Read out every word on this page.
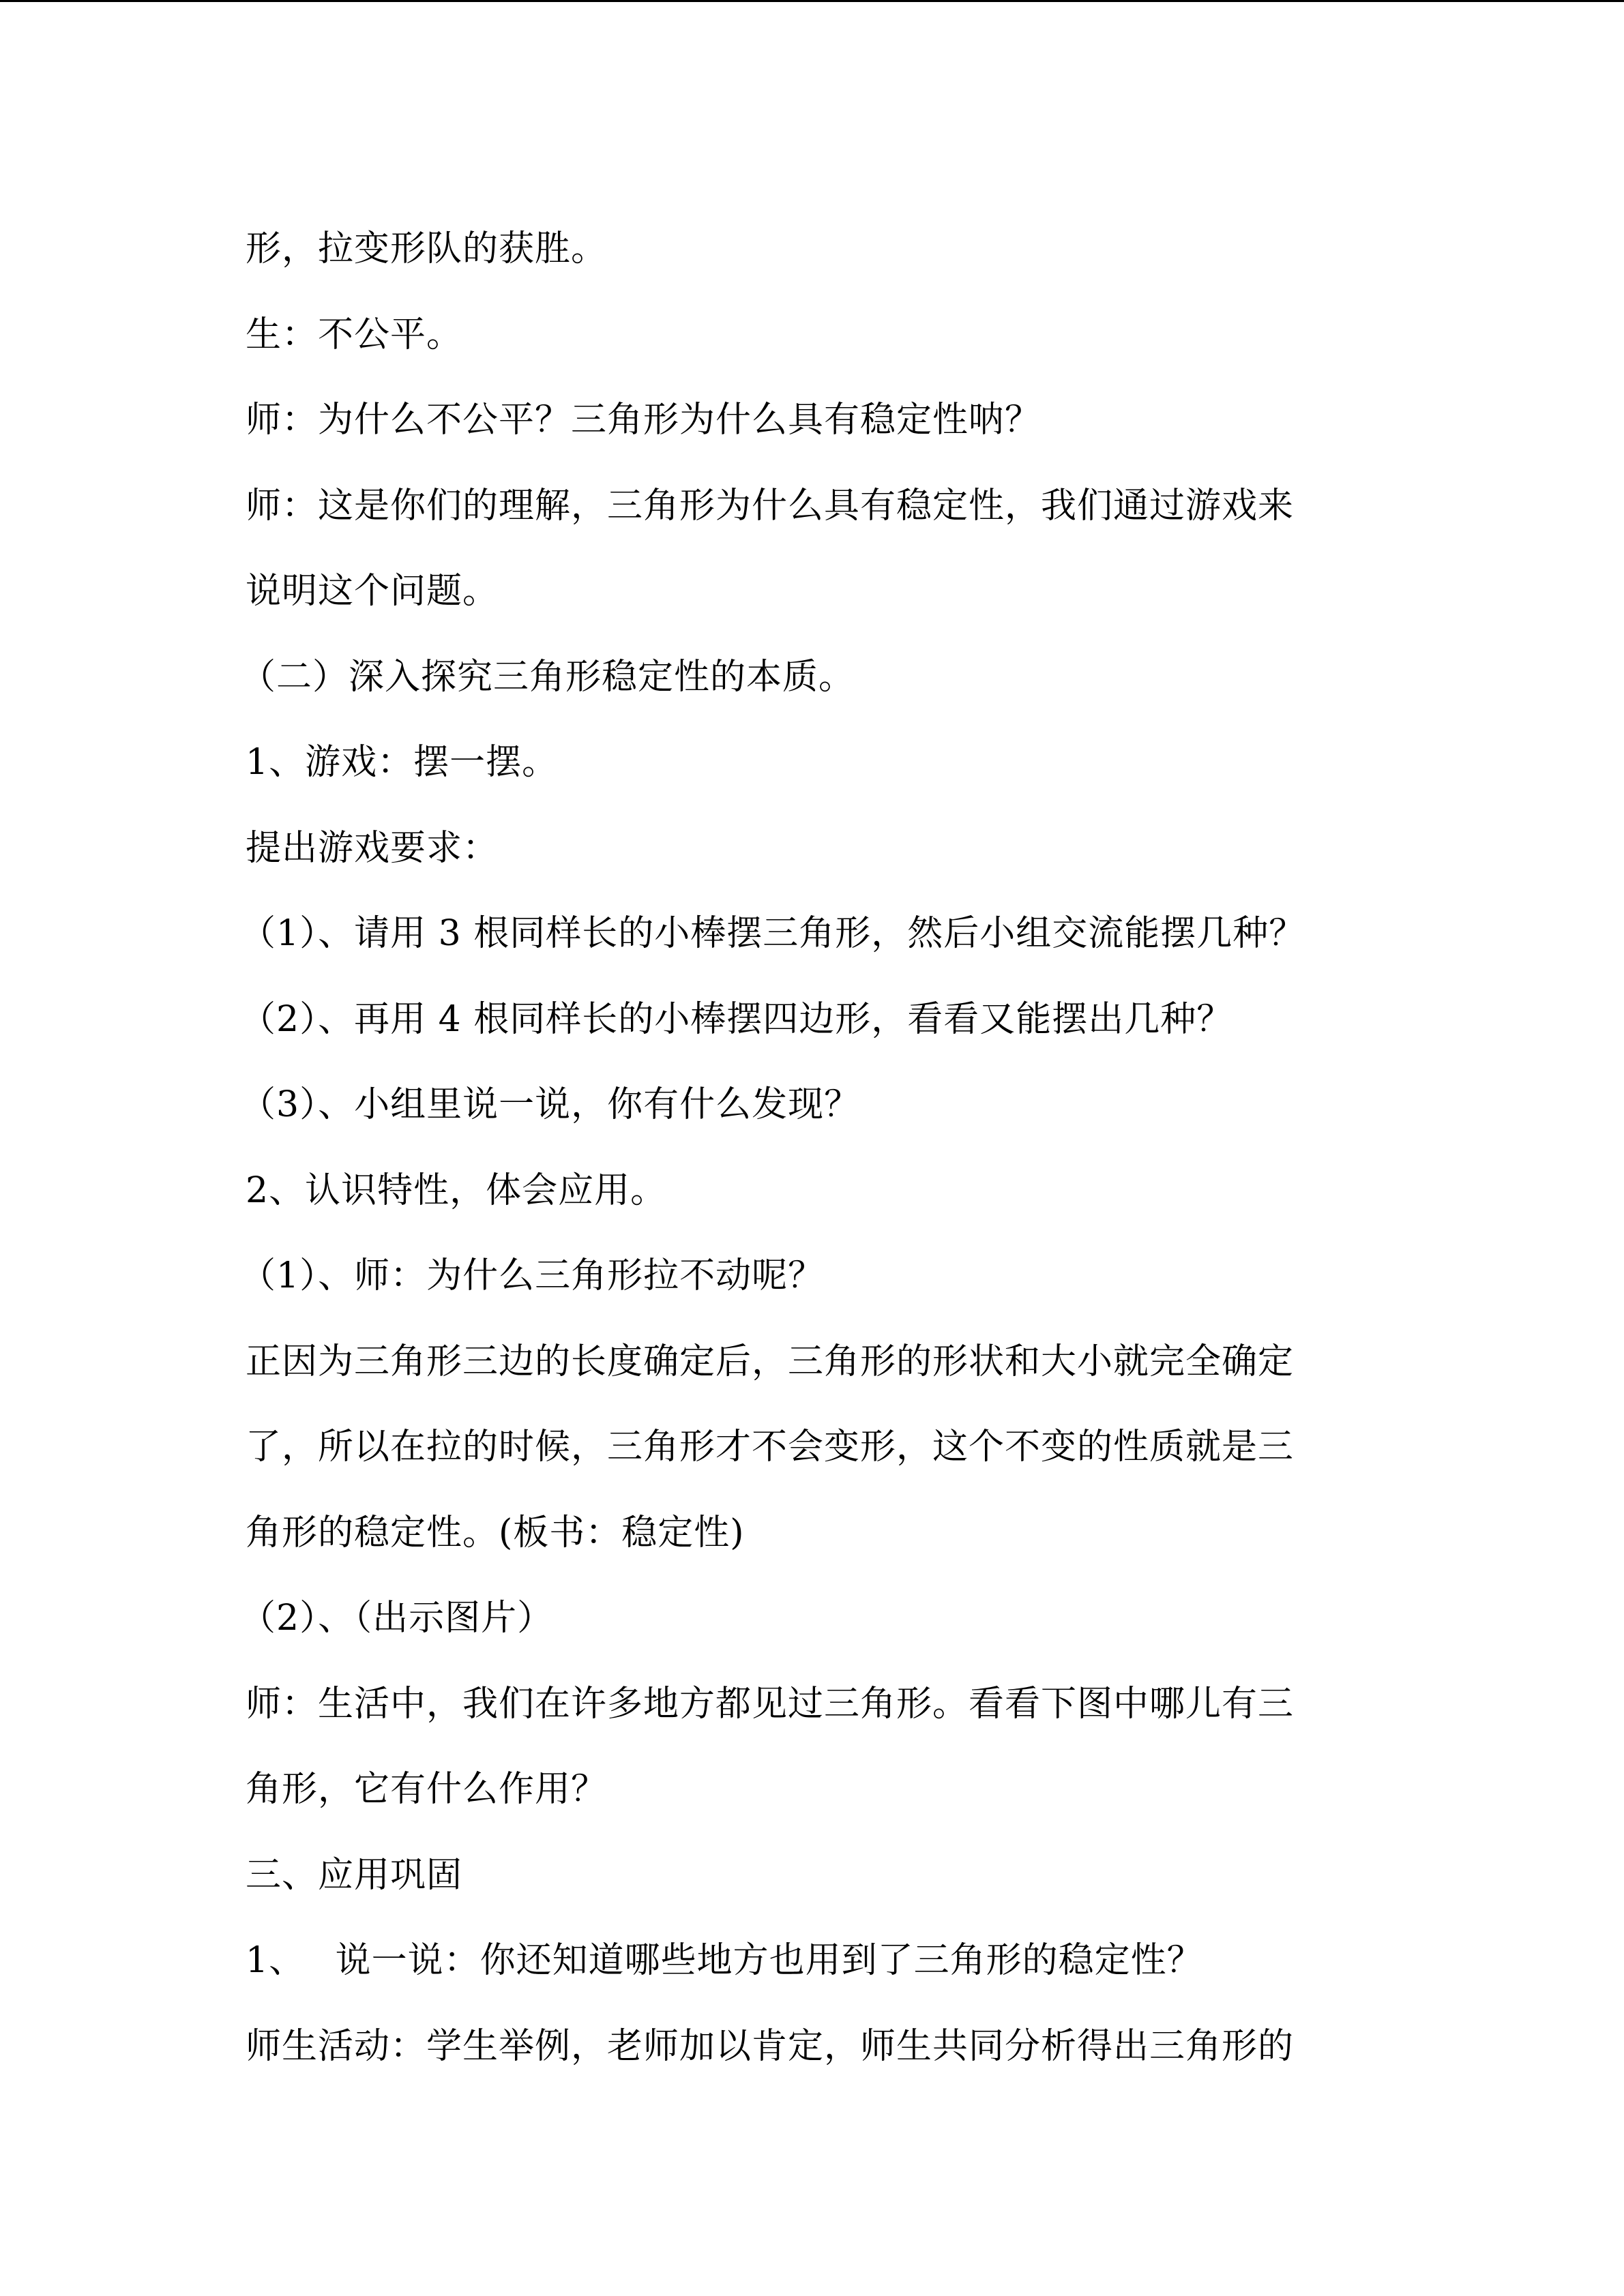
形，拉变形队的获胜。
生：不公平。
师：为什么不公平？三角形为什么具有稳定性呐？
师：这是你们的理解，三角形为什么具有稳定性，我们通过游戏来
说明这个问题。
（二）深入探究三角形稳定性的本质。
1、游戏：摆一摆。
提出游戏要求：
（1）、请用 3 根同样长的小棒摆三角形，然后小组交流能摆几种？
（2）、再用 4 根同样长的小棒摆四边形，看看又能摆出几种？
（3）、小组里说一说，你有什么发现？
2、认识特性，体会应用。
（1）、师：为什么三角形拉不动呢？
正因为三角形三边的长度确定后，三角形的形状和大小就完全确定
了，所以在拉的时候，三角形才不会变形，这个不变的性质就是三
角形的稳定性。(板书：稳定性)
（2）、（出示图片）
师：生活中，我们在许多地方都见过三角形。看看下图中哪儿有三
角形，它有什么作用？
三、应用巩固
1、　 说一说：你还知道哪些地方也用到了三角形的稳定性？
师生活动：学生举例，老师加以肯定，师生共同分析得出三角形的
